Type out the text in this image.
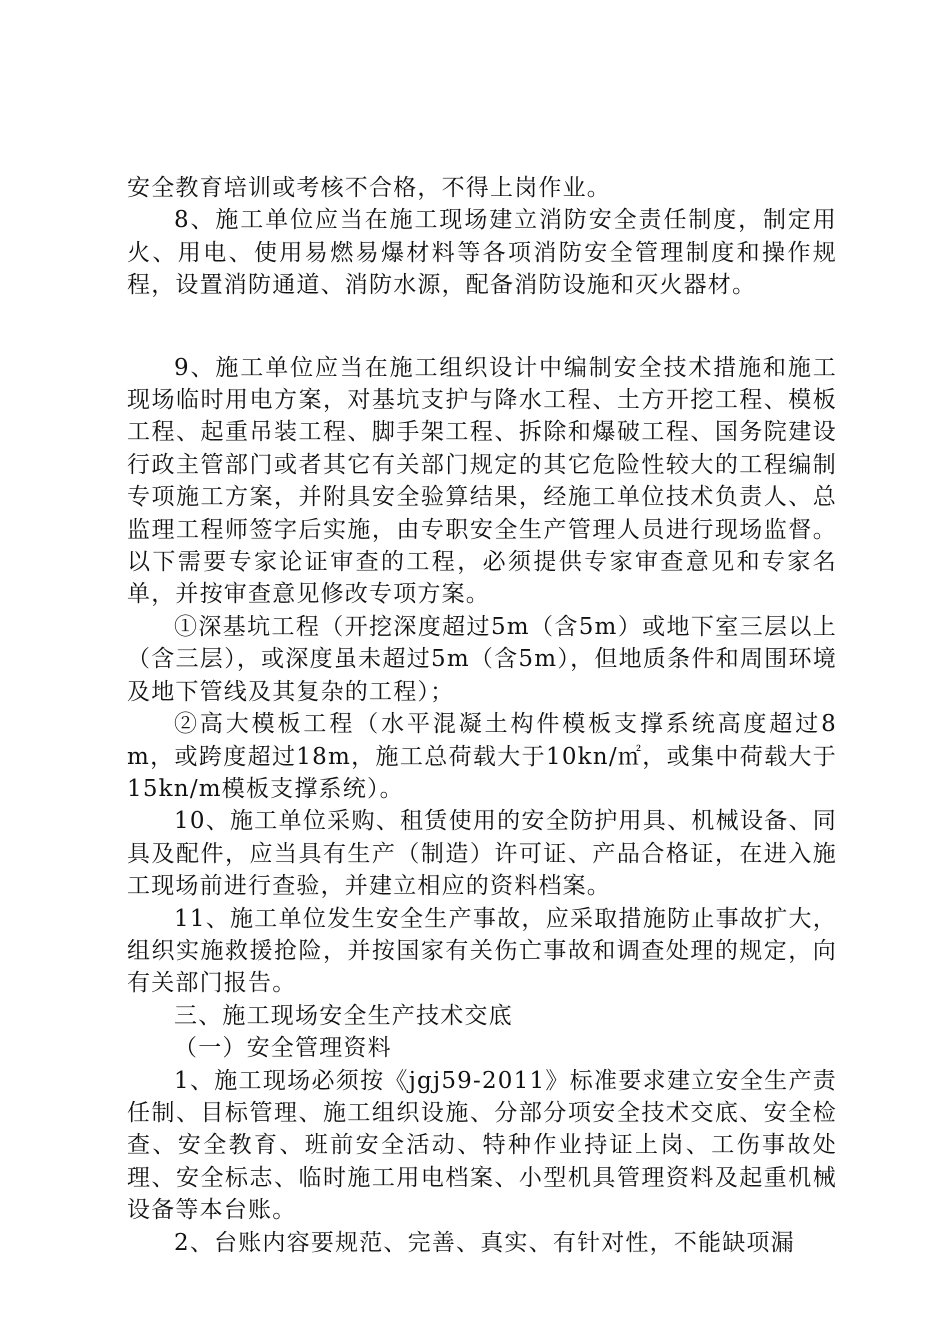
安全教育培训或考核不合格，不得上岗作业。

8、施工单位应当在施工现场建立消防安全责任制度，制定用火、用电、使用易燃易爆材料等各项消防安全管理制度和操作规程，设置消防通道、消防水源，配备消防设施和灭火器材。

9、施工单位应当在施工组织设计中编制安全技术措施和施工现场临时用电方案，对基坑支护与降水工程、土方开挖工程、模板工程、起重吊装工程、脚手架工程、拆除和爆破工程、国务院建设行政主管部门或者其它有关部门规定的其它危险性较大的工程编制专项施工方案，并附具安全验算结果，经施工单位技术负责人、总监理工程师签字后实施，由专职安全生产管理人员进行现场监督。以下需要专家论证审查的工程，必须提供专家审查意见和专家名单，并按审查意见修改专项方案。

①深基坑工程（开挖深度超过5m（含5m）或地下室三层以上（含三层），或深度虽未超过5m（含5m），但地质条件和周围环境及地下管线及其复杂的工程）；

②高大模板工程（水平混凝土构件模板支撑系统高度超过8m，或跨度超过18m，施工总荷载大于10kn/㎡，或集中荷载大于15kn/m模板支撑系统）。

10、施工单位采购、租赁使用的安全防护用具、机械设备、同具及配件，应当具有生产（制造）许可证、产品合格证，在进入施工现场前进行查验，并建立相应的资料档案。

11、施工单位发生安全生产事故，应采取措施防止事故扩大，组织实施救援抢险，并按国家有关伤亡事故和调查处理的规定，向有关部门报告。

三、施工现场安全生产技术交底

（一）安全管理资料

1、施工现场必须按《jgj59-2011》标准要求建立安全生产责任制、目标管理、施工组织设施、分部分项安全技术交底、安全检查、安全教育、班前安全活动、特种作业持证上岗、工伤事故处理、安全标志、临时施工用电档案、小型机具管理资料及起重机械设备等本台账。

2、台账内容要规范、完善、真实、有针对性，不能缺项漏
